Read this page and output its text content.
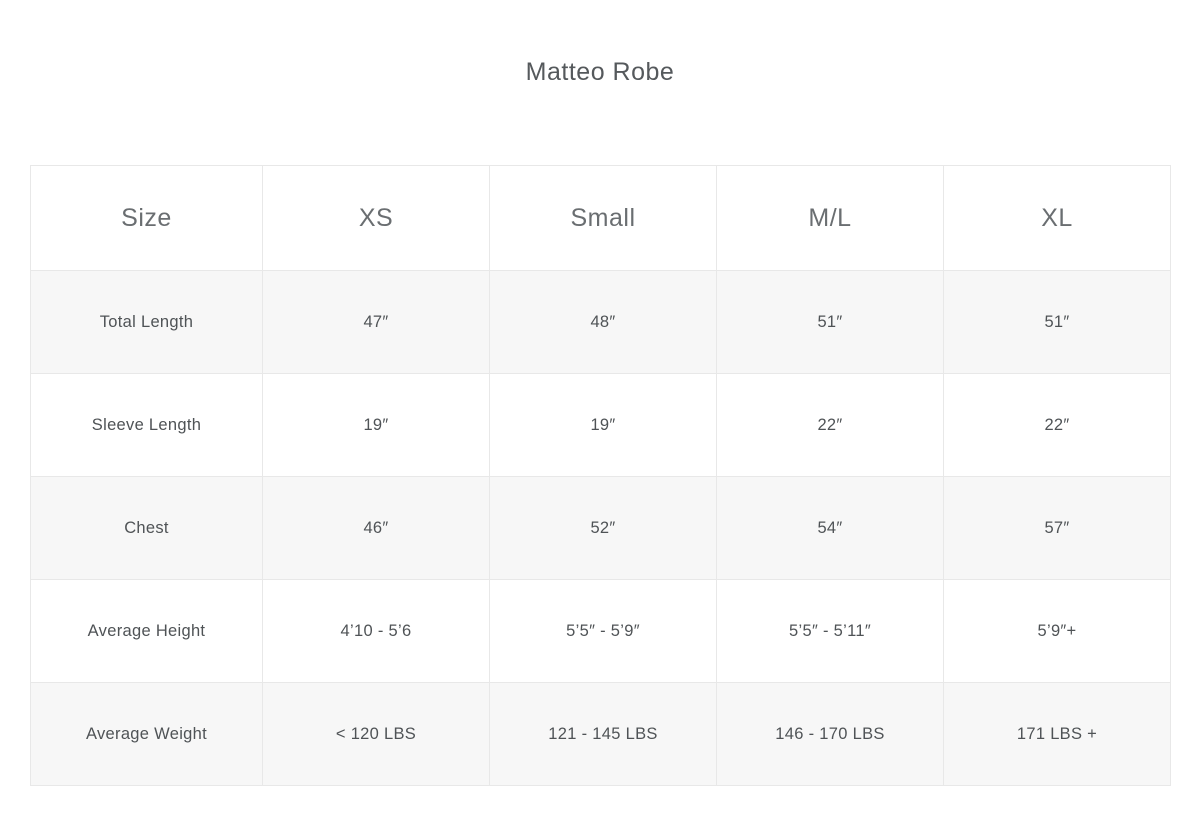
Matteo Robe
Size	XS	Small	M/L	XL
Total Length	47″	48″	51″	51″
Sleeve Length	19″	19″	22″	22″
Chest	46″	52″	54″	57″
Average Height	4’10 - 5’6	5’5″ - 5’9″	5’5″ - 5’11″	5’9″+
Average Weight	< 120 LBS	121 - 145 LBS	146 - 170 LBS	171 LBS +
